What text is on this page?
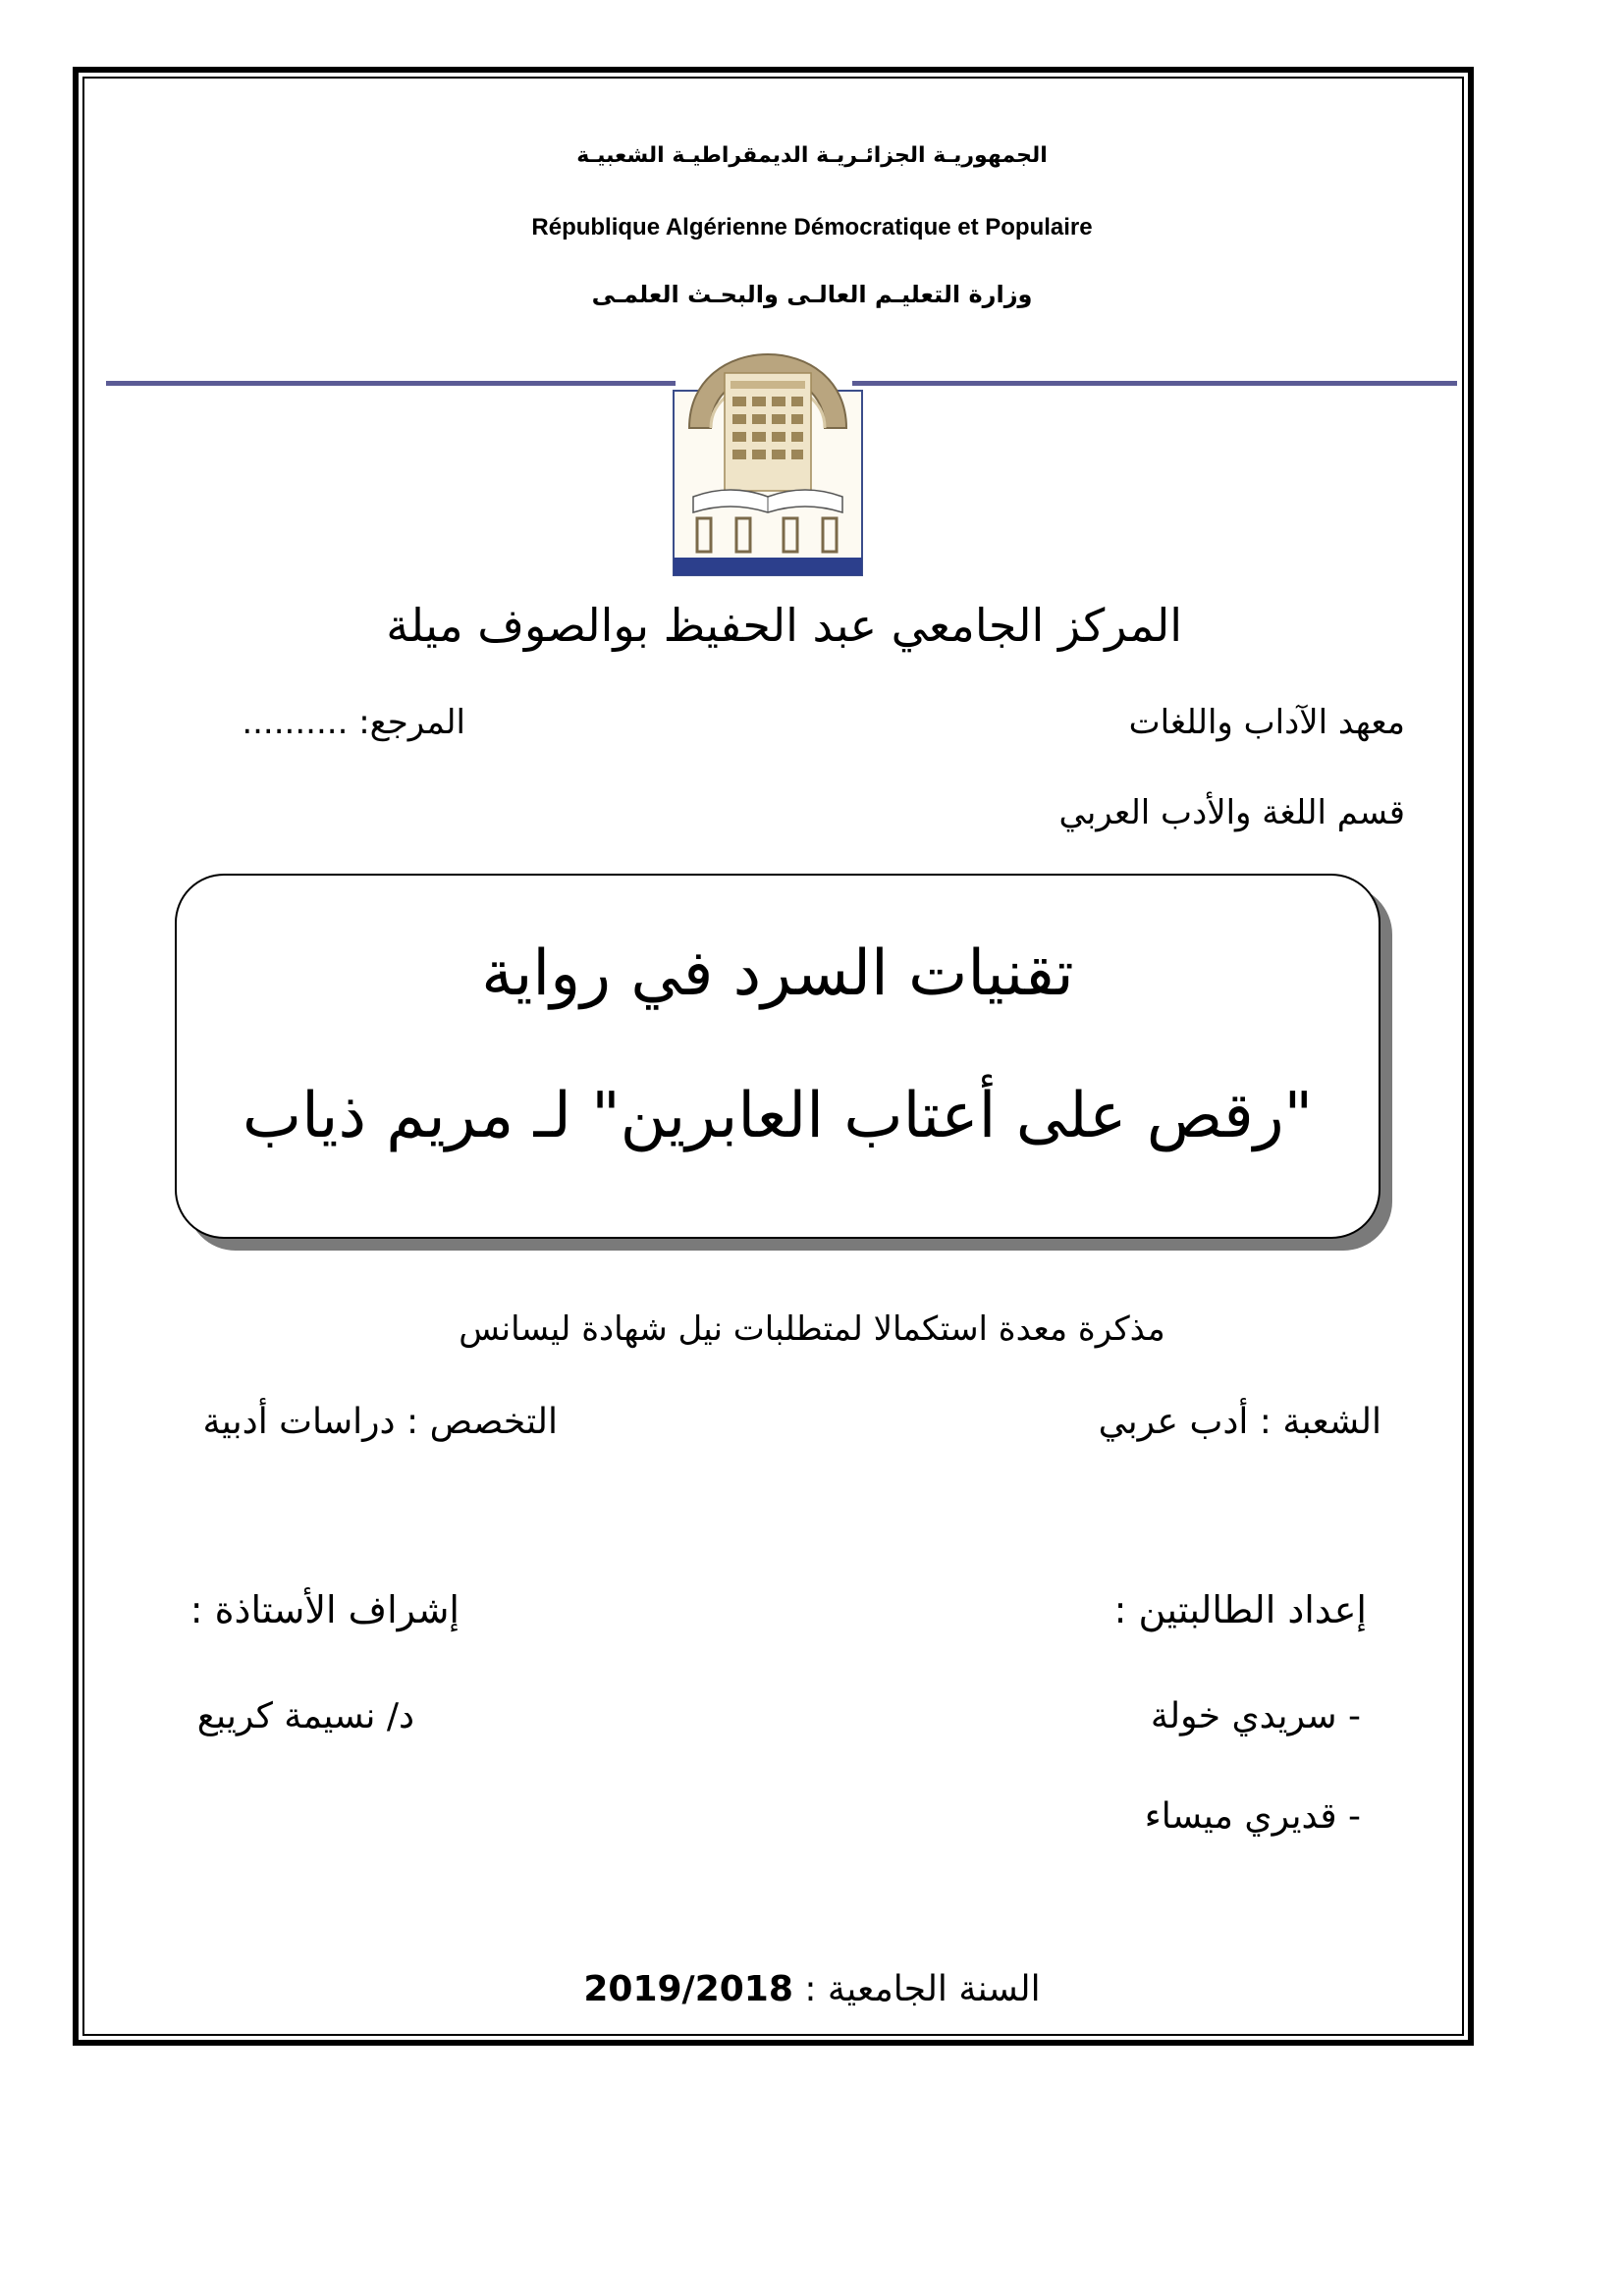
الجمهوريـة الجزائـريـة الديمقراطيـة الشعبيـة
République Algérienne Démocratique et Populaire
وزارة التعليـم العالـى والبحـث العلمـى
المركز الجامعي عبد الحفيظ بوالصوف ميلة
معهد الآداب واللغات
المرجع: ..........
قسم اللغة والأدب العربي
تقنيات السرد في رواية
"رقص على أعتاب العابرين" لـ مريم ذياب
مذكرة معدة استكمالا لمتطلبات نيل شهادة ليسانس
الشعبة : أدب عربي
التخصص : دراسات أدبية
إعداد الطالبتين :
إشراف الأستاذة :
- سريدي خولة
د/ نسيمة كريبع
- قديري ميساء
السنة الجامعية : 2019/2018
